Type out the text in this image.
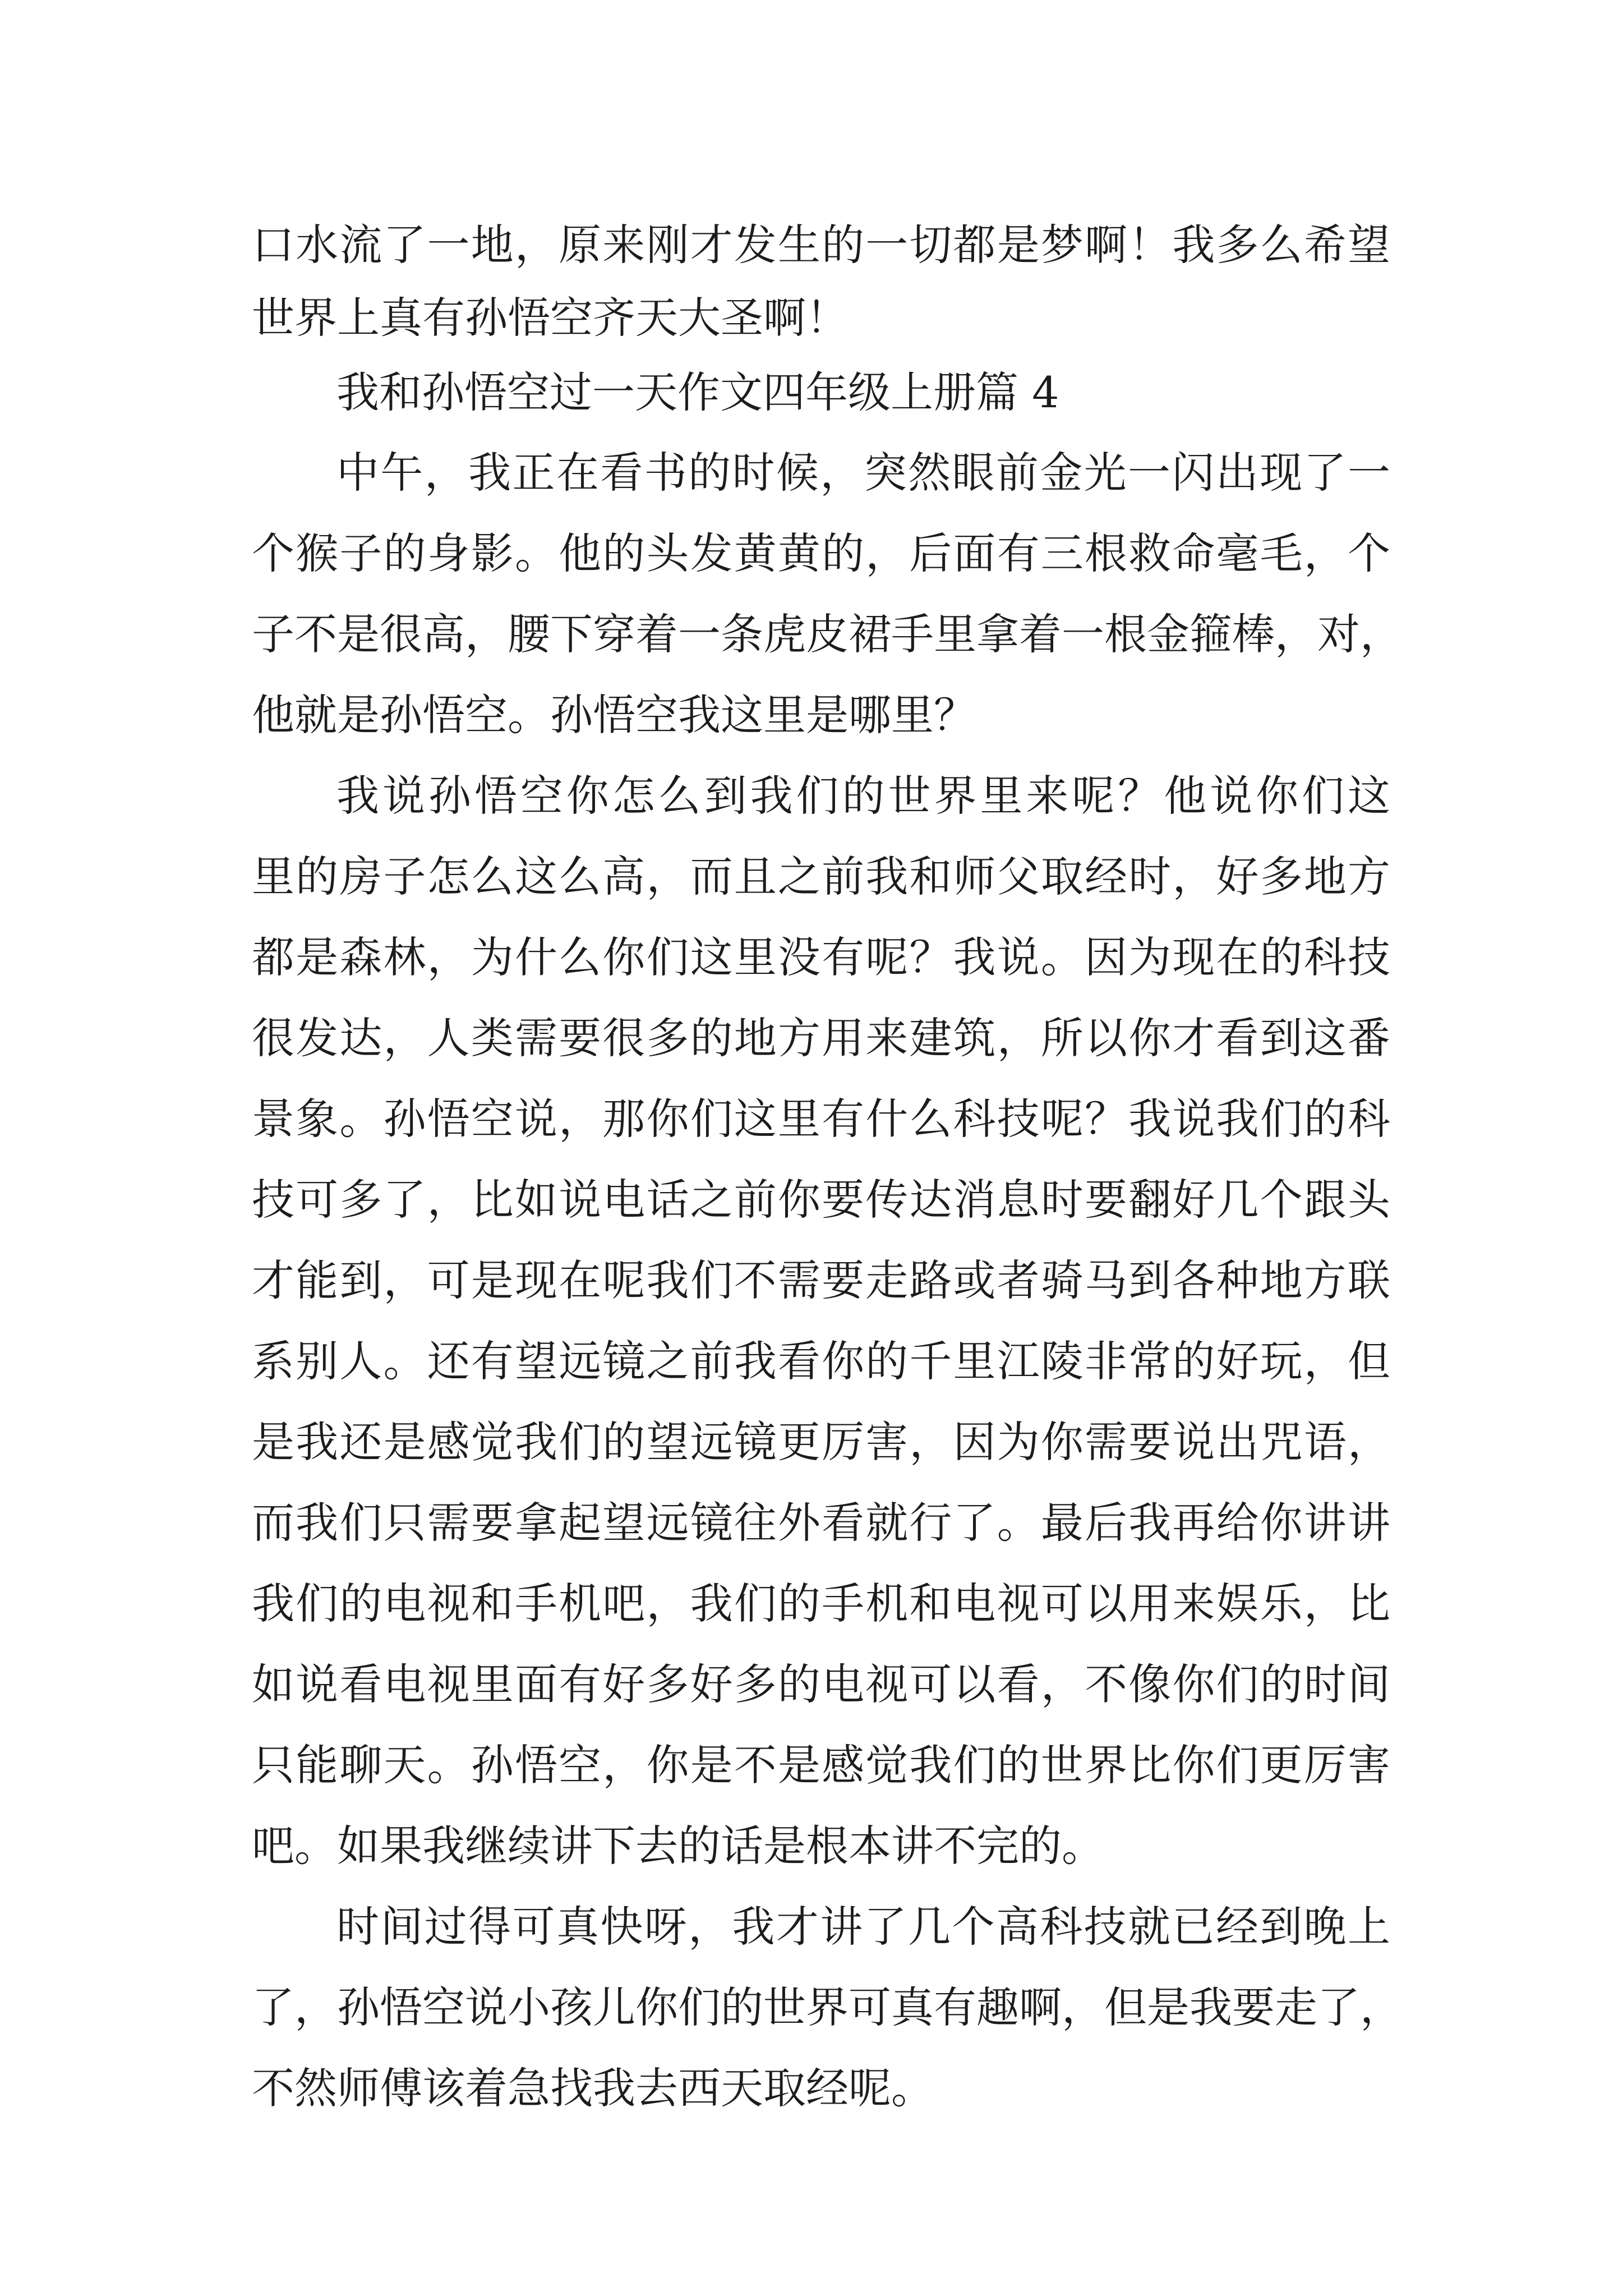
口水流了一地，原来刚才发生的一切都是梦啊！我多么希望
世界上真有孙悟空齐天大圣啊！
我和孙悟空过一天作文四年级上册篇 4
中午，我正在看书的时候，突然眼前金光一闪出现了一
个猴子的身影。他的头发黄黄的，后面有三根救命毫毛，个
子不是很高，腰下穿着一条虎皮裙手里拿着一根金箍棒，对，
他就是孙悟空。孙悟空我这里是哪里？
我说孙悟空你怎么到我们的世界里来呢？他说你们这
里的房子怎么这么高，而且之前我和师父取经时，好多地方
都是森林，为什么你们这里没有呢？我说。因为现在的科技
很发达，人类需要很多的地方用来建筑，所以你才看到这番
景象。孙悟空说，那你们这里有什么科技呢？我说我们的科
技可多了，比如说电话之前你要传达消息时要翻好几个跟头
才能到，可是现在呢我们不需要走路或者骑马到各种地方联
系别人。还有望远镜之前我看你的千里江陵非常的好玩，但
是我还是感觉我们的望远镜更厉害，因为你需要说出咒语，
而我们只需要拿起望远镜往外看就行了。最后我再给你讲讲
我们的电视和手机吧，我们的手机和电视可以用来娱乐，比
如说看电视里面有好多好多的电视可以看，不像你们的时间
只能聊天。孙悟空，你是不是感觉我们的世界比你们更厉害
吧。如果我继续讲下去的话是根本讲不完的。
时间过得可真快呀，我才讲了几个高科技就已经到晚上
了，孙悟空说小孩儿你们的世界可真有趣啊，但是我要走了，
不然师傅该着急找我去西天取经呢。
